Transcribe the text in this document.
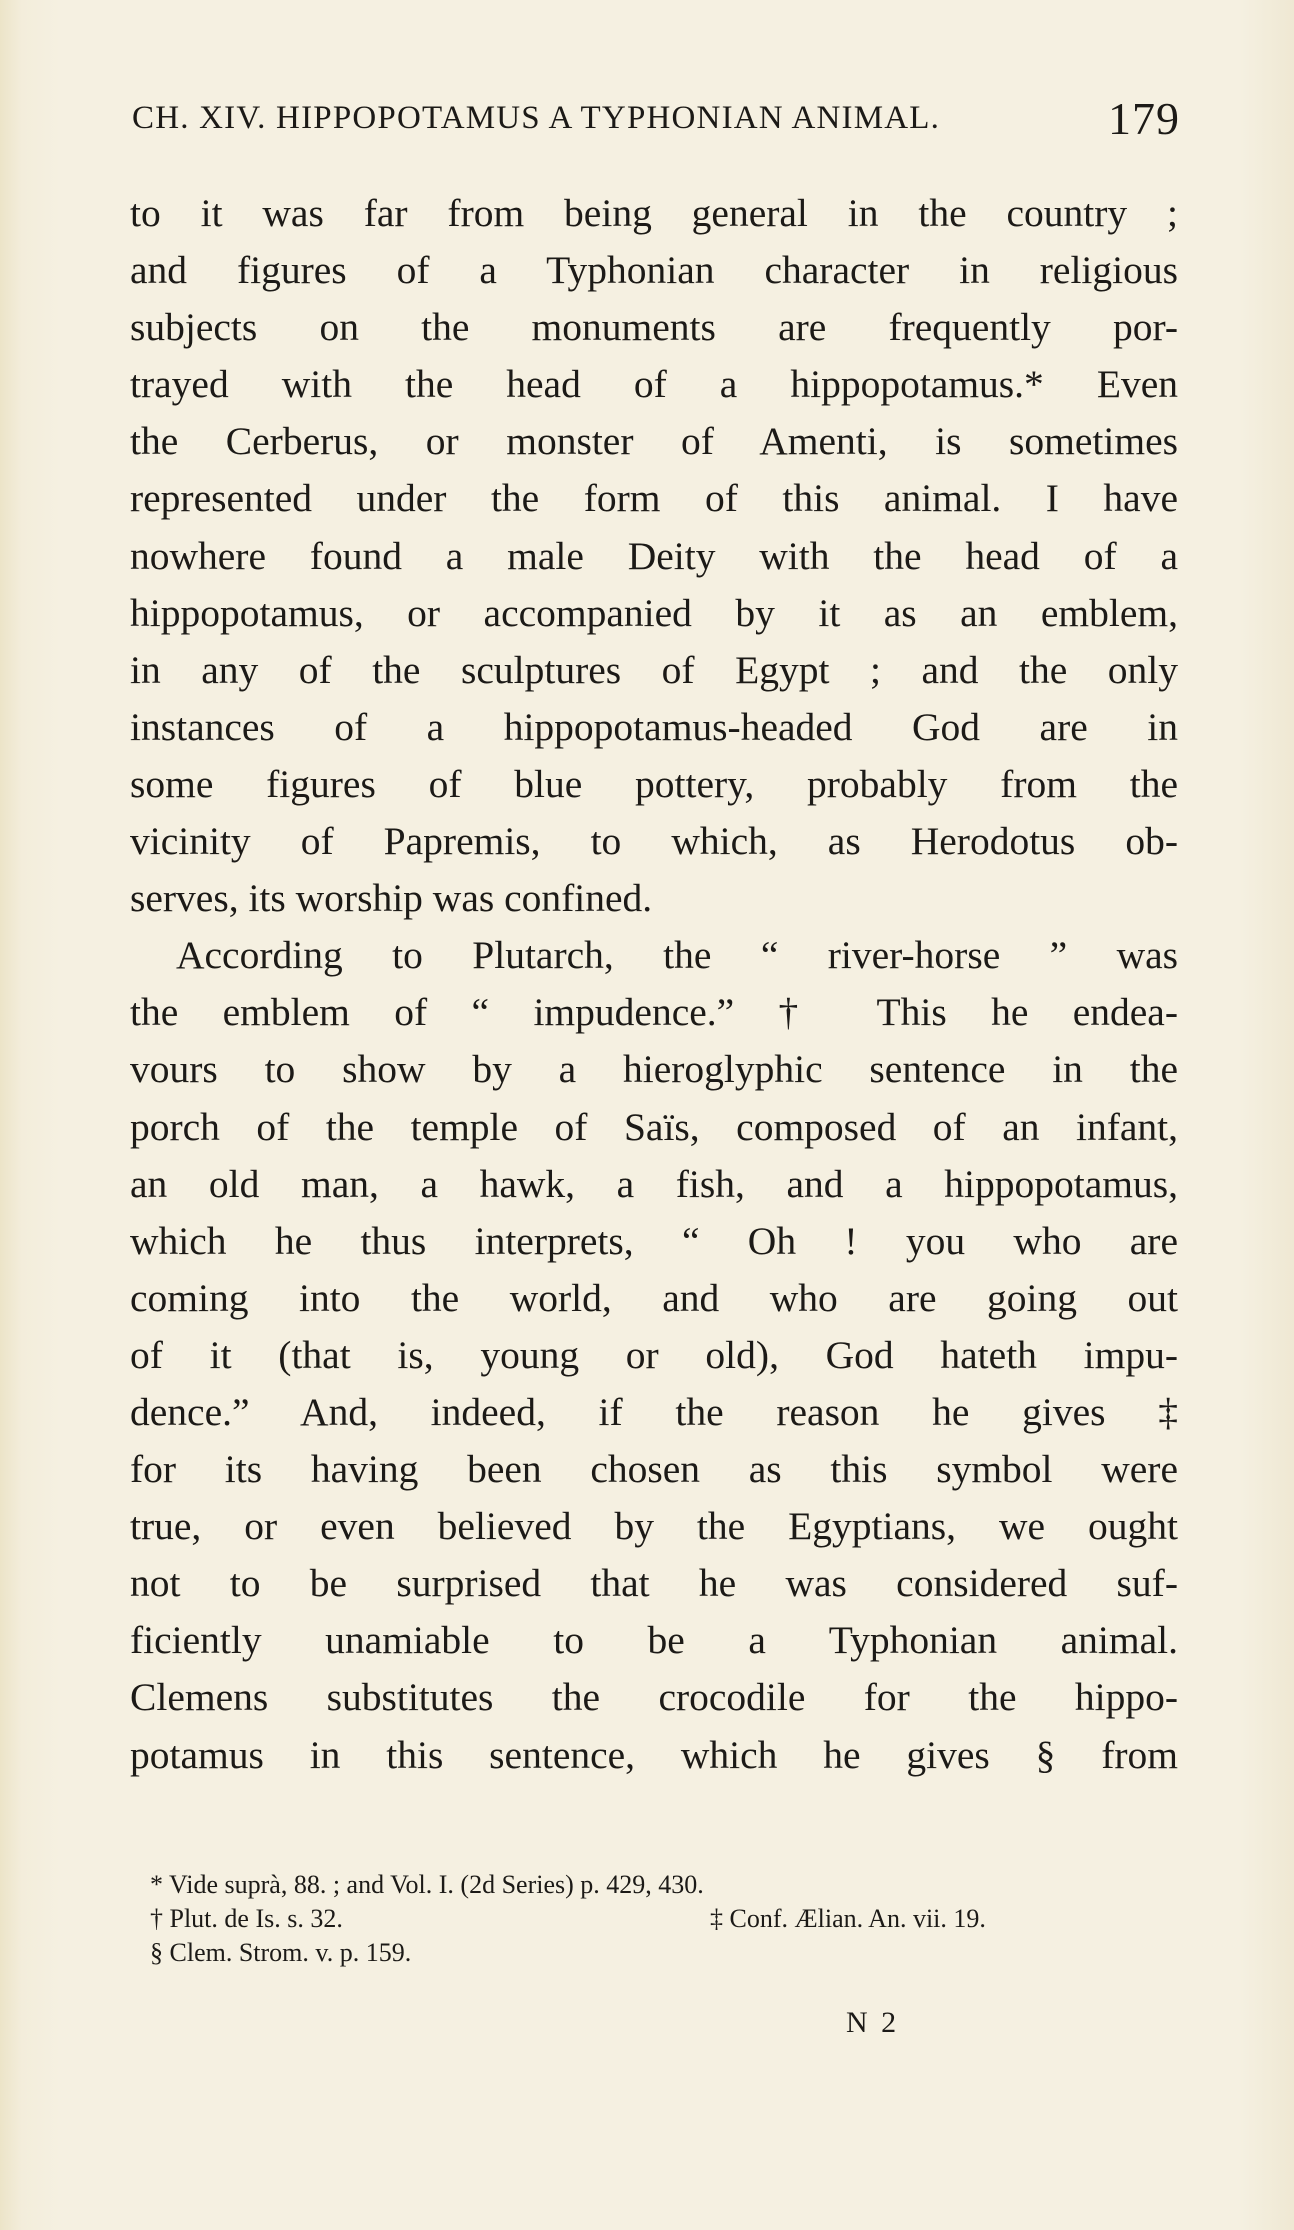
CH. XIV. HIPPOPOTAMUS A TYPHONIAN ANIMAL.	179
to it was far from being general in the country ;
and figures of a Typhonian character in religious
subjects on the monuments are frequently por-
trayed with the head of a hippopotamus.* Even
the Cerberus, or monster of Amenti, is sometimes
represented under the form of this animal. I have
nowhere found a male Deity with the head of a
hippopotamus, or accompanied by it as an emblem,
in any of the sculptures of Egypt ; and the only
instances of a hippopotamus-headed God are in
some figures of blue pottery, probably from the
vicinity of Papremis, to which, as Herodotus ob-
serves, its worship was confined.
According to Plutarch, the “ river-horse ” was
the emblem of “ impudence.” † This he endea-
vours to show by a hieroglyphic sentence in the
porch of the temple of Saïs, composed of an infant,
an old man, a hawk, a fish, and a hippopotamus,
which he thus interprets, “ Oh ! you who are
coming into the world, and who are going out
of it (that is, young or old), God hateth impu-
dence.” And, indeed, if the reason he gives ‡
for its having been chosen as this symbol were
true, or even believed by the Egyptians, we ought
not to be surprised that he was considered suf-
ficiently unamiable to be a Typhonian animal.
Clemens substitutes the crocodile for the hippo-
potamus in this sentence, which he gives § from
* Vide suprà, 88. ; and Vol. I. (2d Series) p. 429, 430.
† Plut. de Is. s. 32.	‡ Conf. Ælian. An. vii. 19.
§ Clem. Strom. v. p. 159.
N 2
